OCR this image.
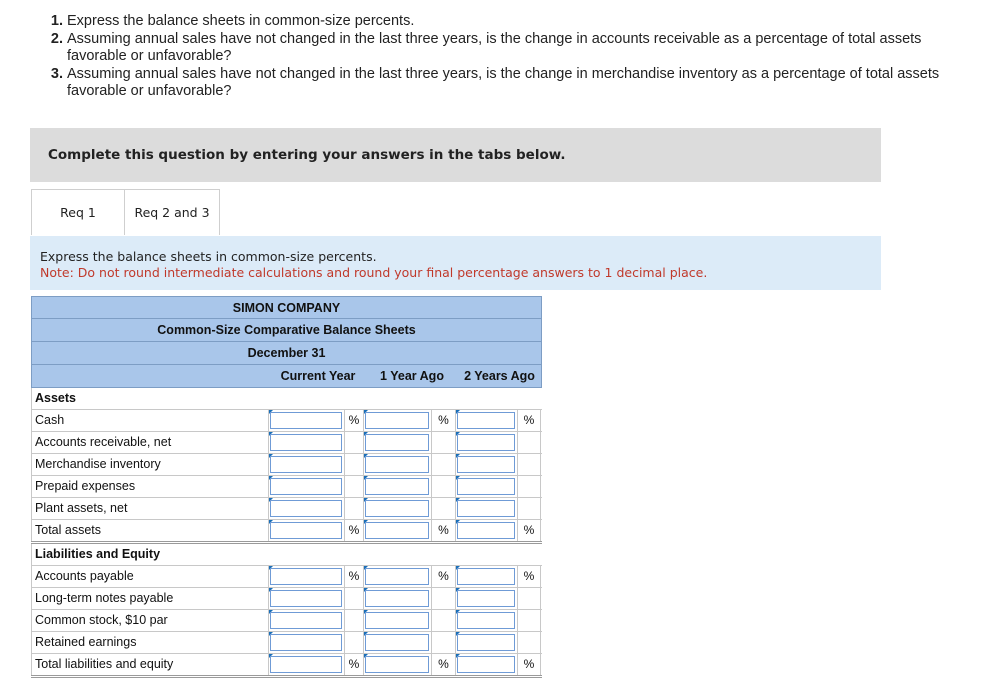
1. Express the balance sheets in common-size percents.
2. Assuming annual sales have not changed in the last three years, is the change in accounts receivable as a percentage of total assets favorable or unfavorable?
3. Assuming annual sales have not changed in the last three years, is the change in merchandise inventory as a percentage of total assets favorable or unfavorable?
Complete this question by entering your answers in the tabs below.
Req 1	Req 2 and 3
Express the balance sheets in common-size percents.
Note: Do not round intermediate calculations and round your final percentage answers to 1 decimal place.
SIMON COMPANY
Common-Size Comparative Balance Sheets
December 31
Current Year	1 Year Ago	2 Years Ago
Assets
Cash	%	%	%
Accounts receivable, net
Merchandise inventory
Prepaid expenses
Plant assets, net
Total assets	%	%	%
Liabilities and Equity
Accounts payable	%	%	%
Long-term notes payable
Common stock, $10 par
Retained earnings
Total liabilities and equity	%	%	%
